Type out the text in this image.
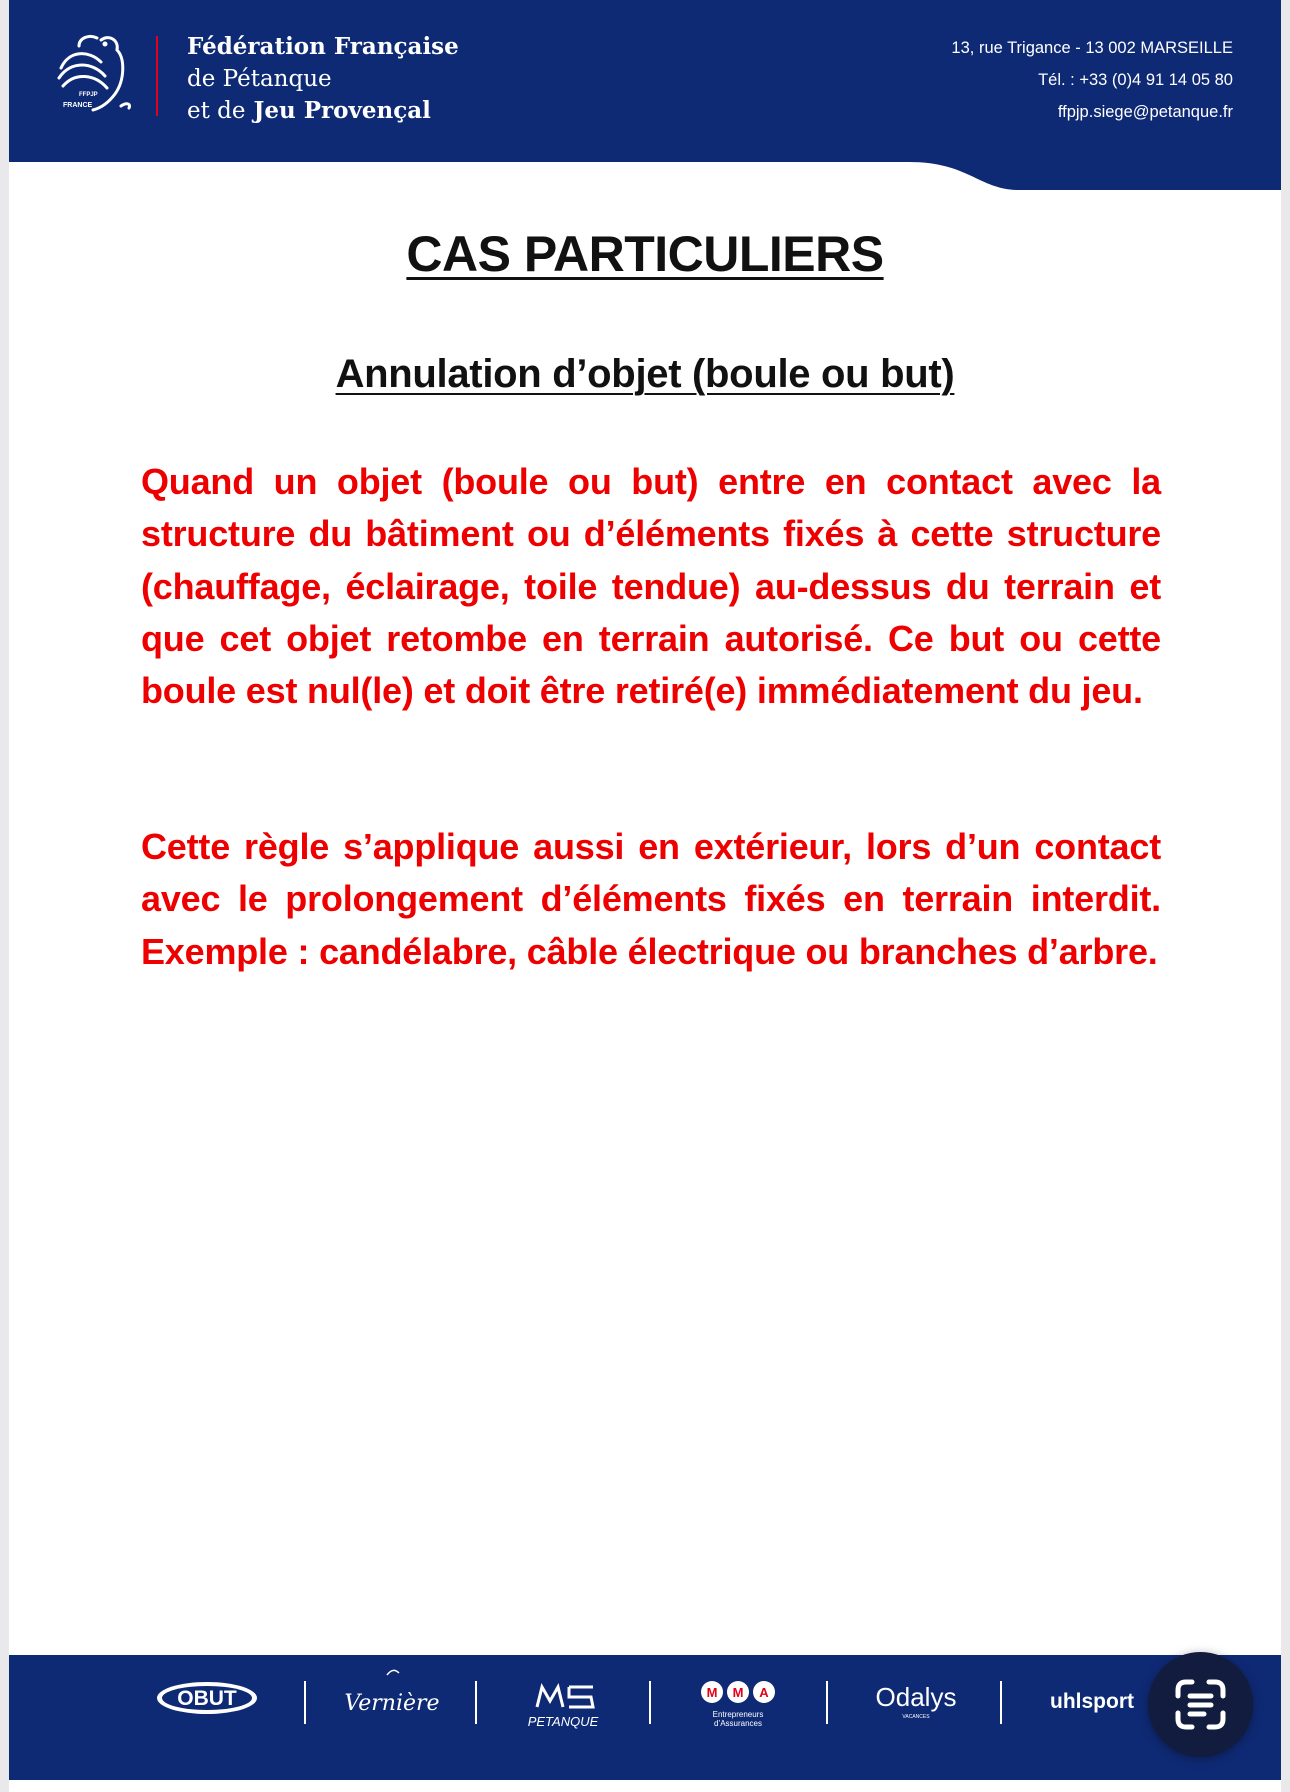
FFPJP
FRANCE
Fédération Française
de Pétanque
et de Jeu Provençal
13, rue Trigance - 13 002 MARSEILLE
Tél. : +33 (0)4 91 14 05 80
ffpjp.siege@petanque.fr
CAS PARTICULIERS
Annulation d’objet (boule ou but)
Quand un objet (boule ou but) entre en contact avec la structure du bâtiment ou d’éléments fixés à cette structure (chauffage, éclairage, toile tendue) au-dessus du terrain et que cet objet retombe en terrain autorisé. Ce but ou cette boule est nul(le) et doit être retiré(e) immédiatement du jeu.
Cette règle s’applique aussi en extérieur, lors d’un contact avec le prolongement d’éléments fixés en terrain interdit. Exemple : candélabre, câble électrique ou branches d’arbre.
OBUT	Vernière
PETANQUE
M M A
Entrepreneurs
d’Assurances
Odalys
VACANCES
uhlsport
